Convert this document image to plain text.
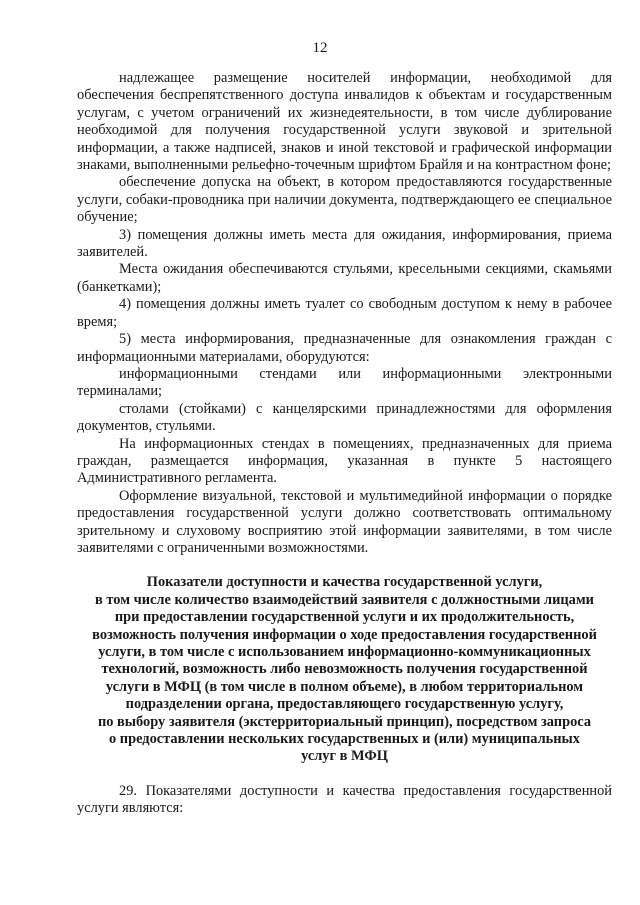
12

надлежащее размещение носителей информации, необходимой для обеспечения беспрепятственного доступа инвалидов к объектам и государственным услугам, с учетом ограничений их жизнедеятельности, в том числе дублирование необходимой для получения государственной услуги звуковой и зрительной информации, а также надписей, знаков и иной текстовой и графической информации знаками, выполненными рельефно-точечным шрифтом Брайля и на контрастном фоне;

обеспечение допуска на объект, в котором предоставляются государственные услуги, собаки-проводника при наличии документа, подтверждающего ее специальное обучение;

3) помещения должны иметь места для ожидания, информирования, приема заявителей.

Места ожидания обеспечиваются стульями, кресельными секциями, скамьями (банкетками);

4) помещения должны иметь туалет со свободным доступом к нему в рабочее время;

5) места информирования, предназначенные для ознакомления граждан с информационными материалами, оборудуются:

информационными стендами или информационными электронными терминалами;

столами (стойками) с канцелярскими принадлежностями для оформления документов, стульями.

На информационных стендах в помещениях, предназначенных для приема граждан, размещается информация, указанная в пункте 5 настоящего Административного регламента.

Оформление визуальной, текстовой и мультимедийной информации о порядке предоставления государственной услуги должно соответствовать оптимальному зрительному и слуховому восприятию этой информации заявителями, в том числе заявителями с ограниченными возможностями.

Показатели доступности и качества государственной услуги,
в том числе количество взаимодействий заявителя с должностными лицами
при предоставлении государственной услуги и их продолжительность,
возможность получения информации о ходе предоставления государственной
услуги, в том числе с использованием информационно-коммуникационных
технологий, возможность либо невозможность получения государственной
услуги в МФЦ (в том числе в полном объеме), в любом территориальном
подразделении органа, предоставляющего государственную услугу,
по выбору заявителя (экстерриториальный принцип), посредством запроса
о предоставлении нескольких государственных и (или) муниципальных
услуг в МФЦ

29. Показателями доступности и качества предоставления государственной услуги являются:
